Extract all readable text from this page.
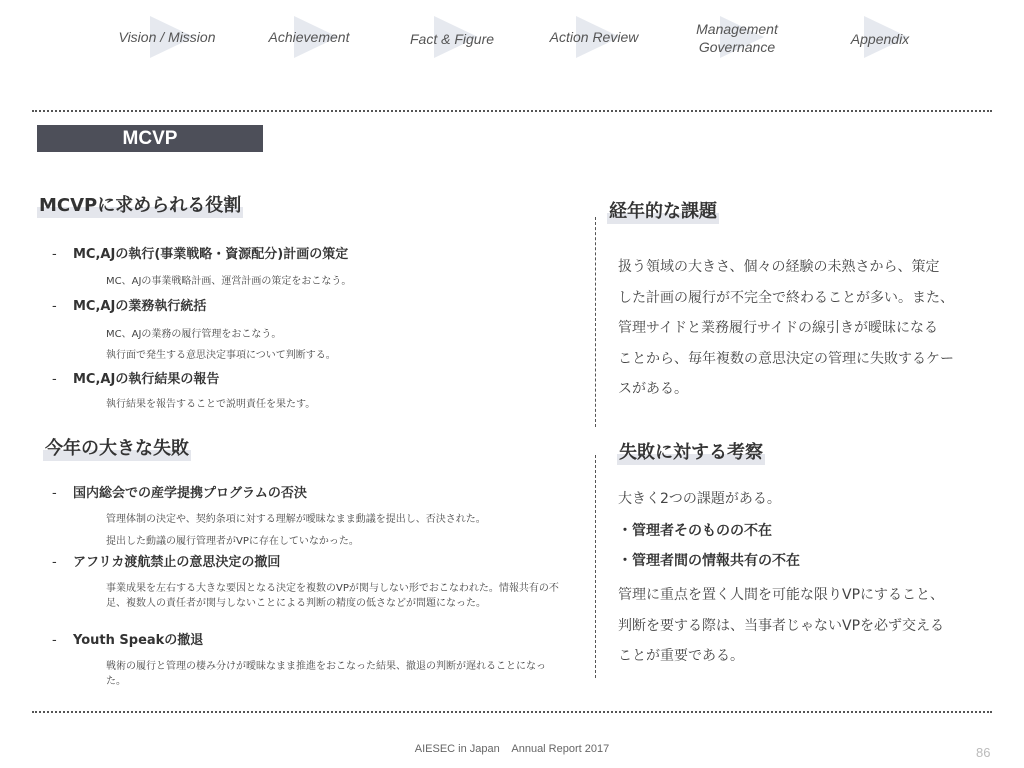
Vision / Mission	Achievement	Fact & Figure	Action Review	Management
Governance	Appendix
MCVP
MCVPに求められる役割
- MC,AJの執行(事業戦略・資源配分)計画の策定
MC、AJの事業戦略計画、運営計画の策定をおこなう。
- MC,AJの業務執行統括
MC、AJの業務の履行管理をおこなう。
執行面で発生する意思決定事項について判断する。
- MC,AJの執行結果の報告
執行結果を報告することで説明責任を果たす。
今年の大きな失敗
- 国内総会での産学提携プログラムの否決
管理体制の決定や、契約条項に対する理解が曖昧なまま動議を提出し、否決された。
提出した動議の履行管理者がVPに存在していなかった。
- アフリカ渡航禁止の意思決定の撤回
事業成果を左右する大きな要因となる決定を複数のVPが関与しない形でおこなわれた。情報共有の不足、複数人の責任者が関与しないことによる判断の精度の低さなどが問題になった。
- Youth Speakの撤退
戦術の履行と管理の棲み分けが曖昧なまま推進をおこなった結果、撤退の判断が遅れることになった。
経年的な課題
扱う領域の大きさ、個々の経験の未熟さから、策定
した計画の履行が不完全で終わることが多い。また、
管理サイドと業務履行サイドの線引きが曖昧になる
ことから、毎年複数の意思決定の管理に失敗するケー
スがある。
失敗に対する考察
大きく2つの課題がある。
・管理者そのものの不在
・管理者間の情報共有の不在
管理に重点を置く人間を可能な限りVPにすること、
判断を要する際は、当事者じゃないVPを必ず交える
ことが重要である。
AIESEC in Japan    Annual Report 2017	86
